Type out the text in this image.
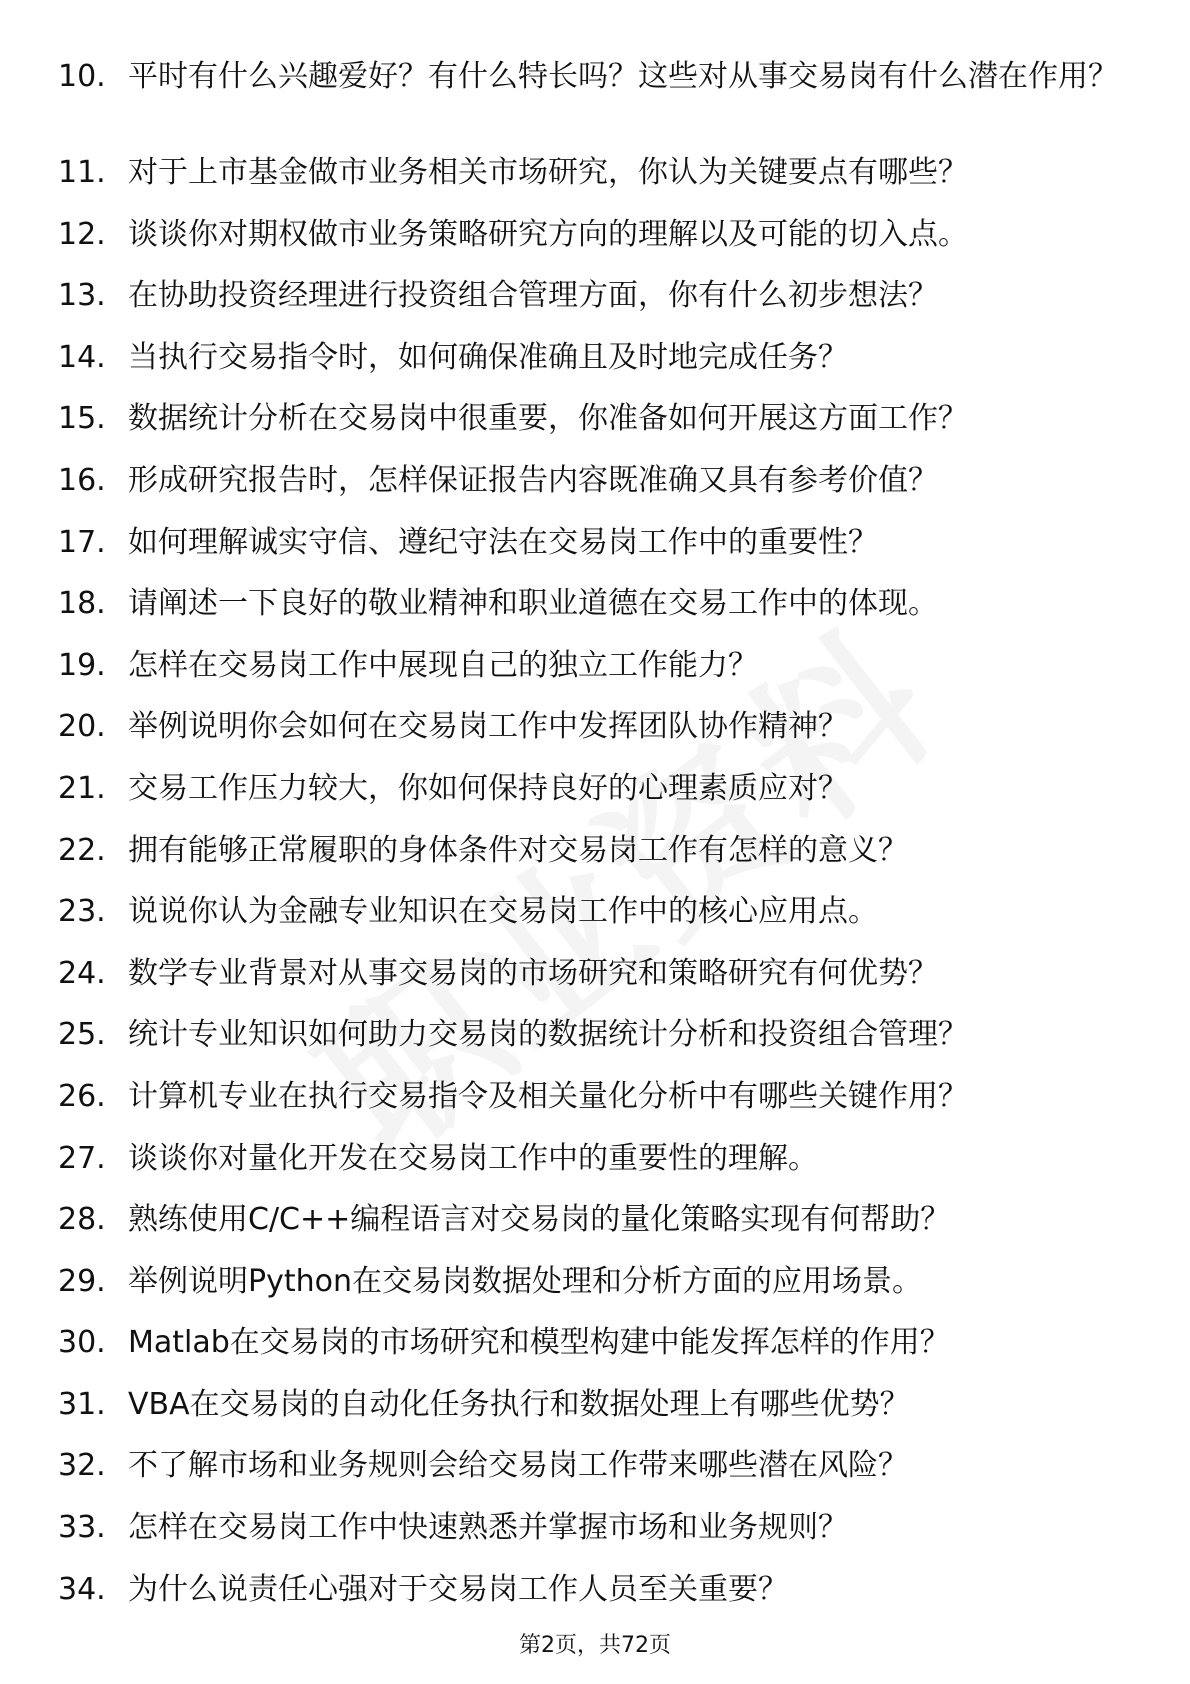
10. 平时有什么兴趣爱好？有什么特长吗？这些对从事交易岗有什么潜在作用？
11. 对于上市基金做市业务相关市场研究，你认为关键要点有哪些？
12. 谈谈你对期权做市业务策略研究方向的理解以及可能的切入点。
13. 在协助投资经理进行投资组合管理方面，你有什么初步想法？
14. 当执行交易指令时，如何确保准确且及时地完成任务？
15. 数据统计分析在交易岗中很重要，你准备如何开展这方面工作？
16. 形成研究报告时，怎样保证报告内容既准确又具有参考价值？
17. 如何理解诚实守信、遵纪守法在交易岗工作中的重要性？
18. 请阐述一下良好的敬业精神和职业道德在交易工作中的体现。
19. 怎样在交易岗工作中展现自己的独立工作能力？
20. 举例说明你会如何在交易岗工作中发挥团队协作精神？
21. 交易工作压力较大，你如何保持良好的心理素质应对？
22. 拥有能够正常履职的身体条件对交易岗工作有怎样的意义？
23. 说说你认为金融专业知识在交易岗工作中的核心应用点。
24. 数学专业背景对从事交易岗的市场研究和策略研究有何优势？
25. 统计专业知识如何助力交易岗的数据统计分析和投资组合管理？
26. 计算机专业在执行交易指令及相关量化分析中有哪些关键作用？
27. 谈谈你对量化开发在交易岗工作中的重要性的理解。
28. 熟练使用C/C++编程语言对交易岗的量化策略实现有何帮助？
29. 举例说明Python在交易岗数据处理和分析方面的应用场景。
30. Matlab在交易岗的市场研究和模型构建中能发挥怎样的作用？
31. VBA在交易岗的自动化任务执行和数据处理上有哪些优势？
32. 不了解市场和业务规则会给交易岗工作带来哪些潜在风险？
33. 怎样在交易岗工作中快速熟悉并掌握市场和业务规则？
34. 为什么说责任心强对于交易岗工作人员至关重要？
第2页，共72页
